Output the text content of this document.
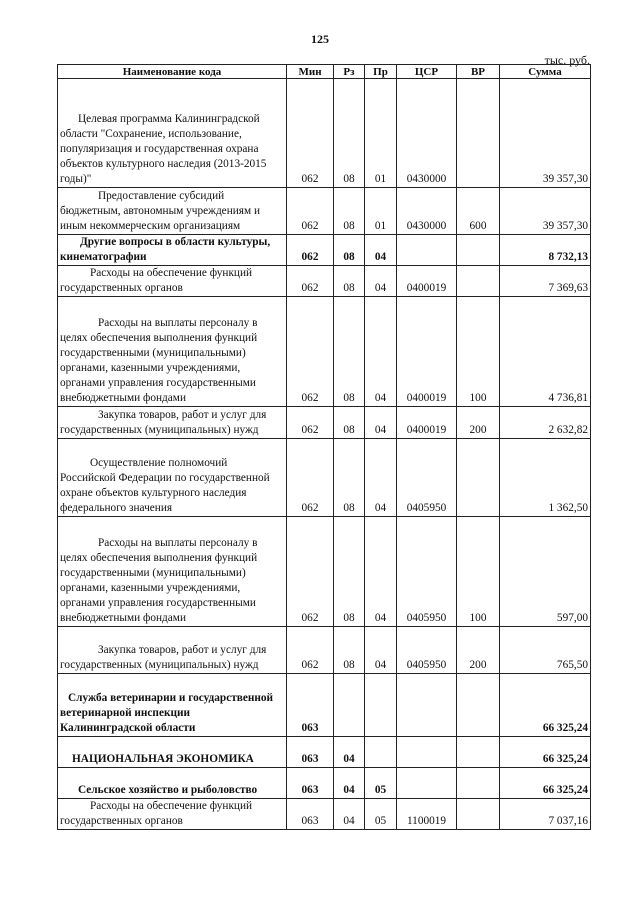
125
тыс. руб.
Наименование кода	Мин	Рз	Пр	ЦСР	ВР	Сумма

Целевая программа Калининградской области "Сохранение, использование, популяризация и государственная охрана объектов культурного наследия (2013-2015 годы)"	062	08	01	0430000		39 357,30

Предоставление субсидий бюджетным, автономным учреждениям и иным некоммерческим организациям	062	08	01	0430000	600	39 357,30

Другие вопросы в области культуры, кинематографии	062	08	04			8 732,13

Расходы на обеспечение функций государственных органов	062	08	04	0400019		7 369,63

Расходы на выплаты персоналу в целях обеспечения выполнения функций государственными (муниципальными) органами, казенными учреждениями, органами управления государственными внебюджетными фондами	062	08	04	0400019	100	4 736,81

Закупка товаров, работ и услуг для государственных (муниципальных) нужд	062	08	04	0400019	200	2 632,82

Осуществление полномочий Российской Федерации по государственной охране объектов культурного наследия федерального значения	062	08	04	0405950		1 362,50

Расходы на выплаты персоналу в целях обеспечения выполнения функций государственными (муниципальными) органами, казенными учреждениями, органами управления государственными внебюджетными фондами	062	08	04	0405950	100	597,00

Закупка товаров, работ и услуг для государственных (муниципальных) нужд	062	08	04	0405950	200	765,50

Служба ветеринарии и государственной ветеринарной инспекции Калининградской области	063					66 325,24

НАЦИОНАЛЬНАЯ ЭКОНОМИКА	063	04				66 325,24

Сельское хозяйство и рыболовство	063	04	05			66 325,24

Расходы на обеспечение функций государственных органов	063	04	05	1100019		7 037,16
